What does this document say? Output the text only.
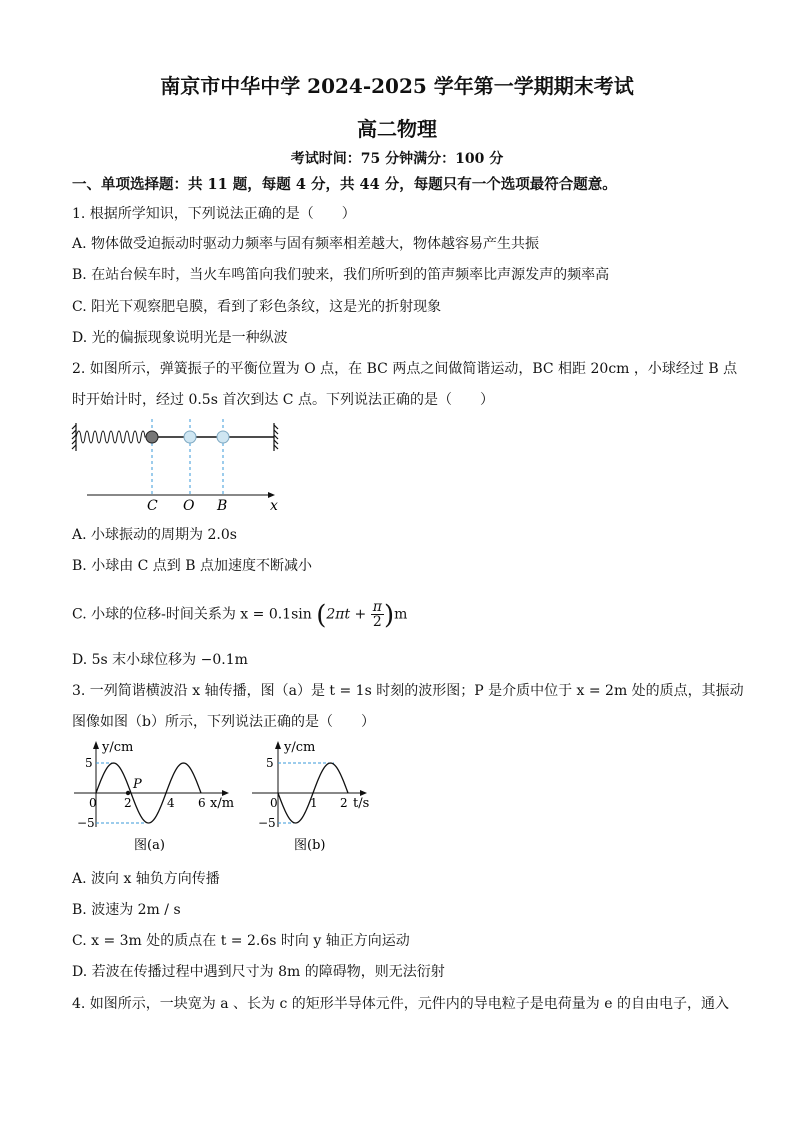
南京市中华中学 2024-2025 学年第一学期期末考试
高二物理
考试时间：75 分钟满分：100 分
一、单项选择题：共 11 题，每题 4 分，共 44 分，每题只有一个选项最符合题意。
1. 根据所学知识，下列说法正确的是（　　）
A. 物体做受迫振动时驱动力频率与固有频率相差越大，物体越容易产生共振
B. 在站台候车时，当火车鸣笛向我们驶来，我们所听到的笛声频率比声源发声的频率高
C. 阳光下观察肥皂膜，看到了彩色条纹，这是光的折射现象
D. 光的偏振现象说明光是一种纵波
2. 如图所示，弹簧振子的平衡位置为 O 点，在 BC 两点之间做简谐运动，BC 相距 20cm ，小球经过 B 点
时开始计时，经过 0.5s 首次到达 C 点。下列说法正确的是（　　）
C O B	x
A. 小球振动的周期为 2.0s
B. 小球由 C 点到 B 点加速度不断减小
C. 小球的位移-时间关系为 x = 0.1sin $(2\pi t + \frac{\pi}{2} )m$
D. 5s 末小球位移为 −0.1m
3. 一列简谐横波沿 x 轴传播，图（a）是 t = 1s 时刻的波形图；P 是介质中位于 x = 2m 处的质点，其振动
图像如图（b）所示，下列说法正确的是（　　）
y/cm
x/m
5
−5
0 2	4 6
P
图(a)
y/cm
t/s
5
−5
0	1 2
图(b)
A. 波向 x 轴负方向传播
B. 波速为 2m / s
C. x = 3m 处的质点在 t = 2.6s 时向 y 轴正方向运动
D. 若波在传播过程中遇到尺寸为 8m 的障碍物，则无法衍射
4. 如图所示，一块宽为 a 、长为 c 的矩形半导体元件，元件内的导电粒子是电荷量为 e 的自由电子，通入
